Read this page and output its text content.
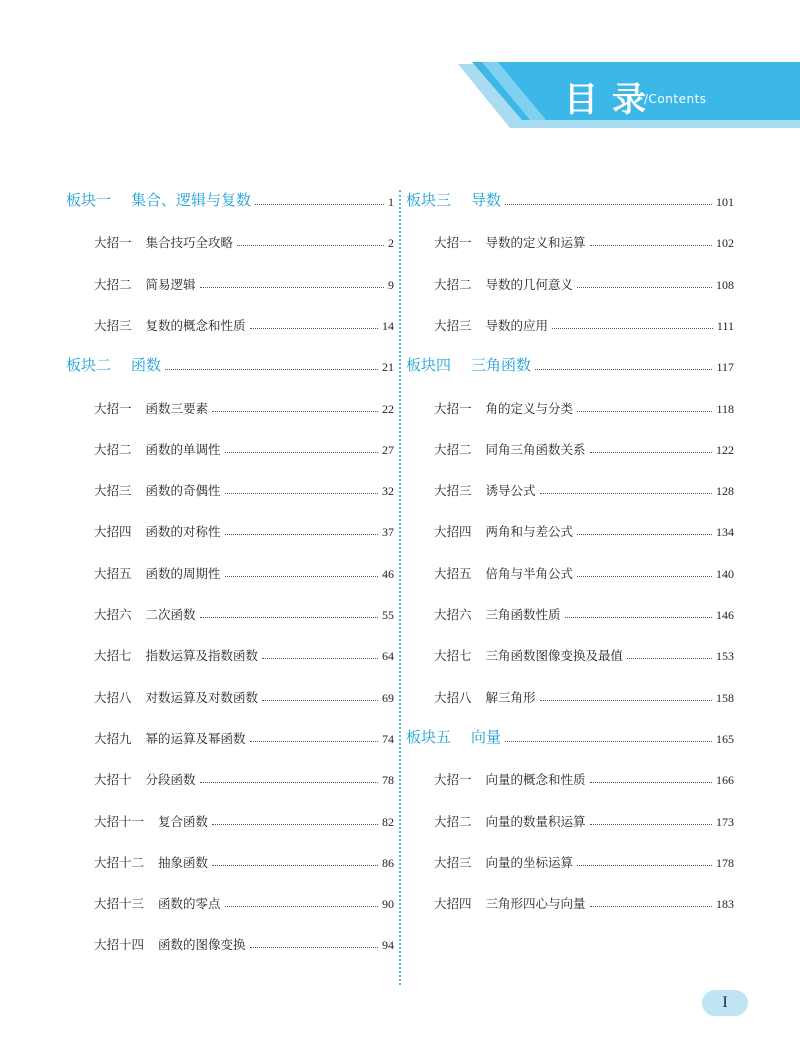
目录
/Contents
板块一 集合、逻辑与复数	1
大招一 集合技巧全攻略	2
大招二 简易逻辑	9
大招三 复数的概念和性质	14
板块二 函数	21
大招一 函数三要素	22
大招二 函数的单调性	27
大招三 函数的奇偶性	32
大招四 函数的对称性	37
大招五 函数的周期性	46
大招六 二次函数	55
大招七 指数运算及指数函数	64
大招八 对数运算及对数函数	69
大招九 幂的运算及幂函数	74
大招十 分段函数	78
大招十一 复合函数	82
大招十二 抽象函数	86
大招十三 函数的零点	90
大招十四 函数的图像变换	94
板块三 导数	101
大招一 导数的定义和运算	102
大招二 导数的几何意义	108
大招三 导数的应用	111
板块四 三角函数	117
大招一 角的定义与分类	118
大招二 同角三角函数关系	122
大招三 诱导公式	128
大招四 两角和与差公式	134
大招五 倍角与半角公式	140
大招六 三角函数性质	146
大招七 三角函数图像变换及最值	153
大招八 解三角形	158
板块五 向量	165
大招一 向量的概念和性质	166
大招二 向量的数量积运算	173
大招三 向量的坐标运算	178
大招四 三角形四心与向量	183
I
